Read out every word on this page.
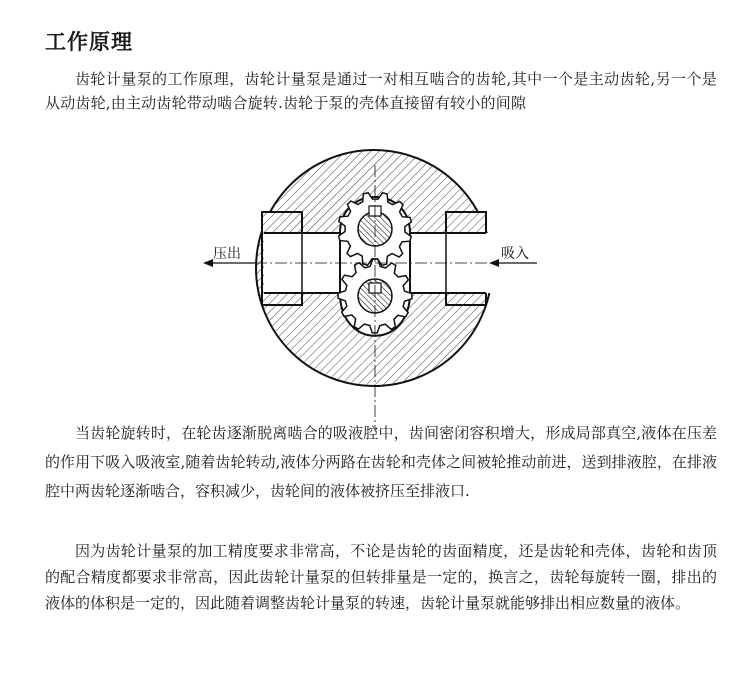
工作原理

齿轮计量泵的工作原理，齿轮计量泵是通过一对相互啮合的齿轮,其中一个是主动齿轮,另一个是从动齿轮,由主动齿轮带动啮合旋转.齿轮于泵的壳体直接留有较小的间隙

压出	吸入

当齿轮旋转时，在轮齿逐渐脱离啮合的吸液腔中，齿间密闭容积增大，形成局部真空,液体在压差的作用下吸入吸液室,随着齿轮转动,液体分两路在齿轮和壳体之间被轮推动前进，送到排液腔，在排液腔中两齿轮逐渐啮合，容积减少，齿轮间的液体被挤压至排液口.

因为齿轮计量泵的加工精度要求非常高，不论是齿轮的齿面精度，还是齿轮和壳体，齿轮和齿顶的配合精度都要求非常高，因此齿轮计量泵的但转排量是一定的，换言之，齿轮每旋转一圈，排出的液体的体积是一定的，因此随着调整齿轮计量泵的转速，齿轮计量泵就能够排出相应数量的液体。
